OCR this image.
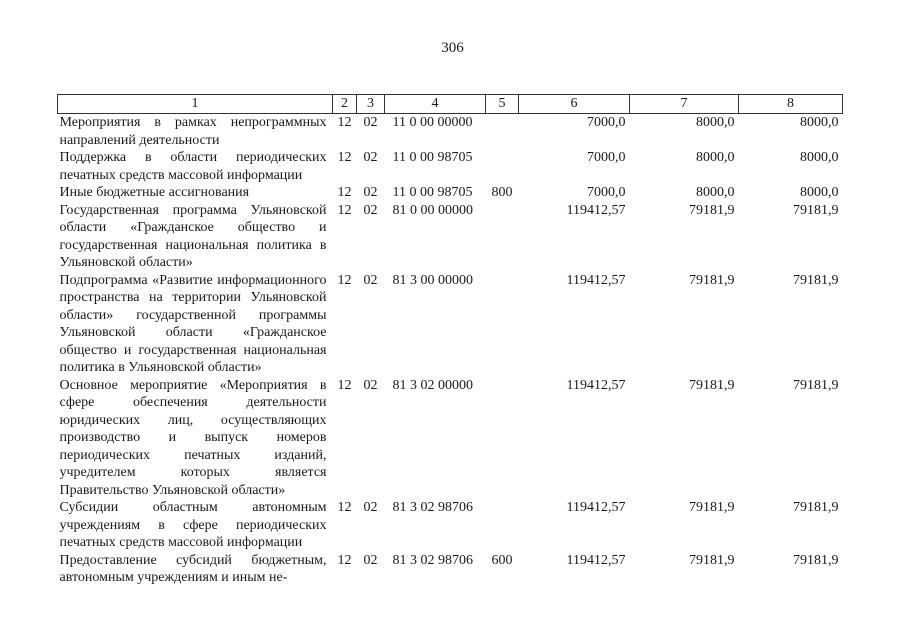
306
1	2	3	4	5	6	7	8
Мероприятия в рамках непрограммных направлений деятельности	12	02	11 0 00 00000		7000,0	8000,0	8000,0
Поддержка в области периодических печатных средств массовой информации	12	02	11 0 00 98705		7000,0	8000,0	8000,0
Иные бюджетные ассигнования	12	02	11 0 00 98705	800	7000,0	8000,0	8000,0
Государственная программа Ульяновской области «Гражданское общество и государственная национальная политика в Ульяновской области»	12	02	81 0 00 00000		119412,57	79181,9	79181,9
Подпрограмма «Развитие информационного пространства на территории Ульяновской области» государственной программы Ульяновской области «Гражданское общество и государственная национальная политика в Ульяновской области»	12	02	81 3 00 00000		119412,57	79181,9	79181,9
Основное мероприятие «Мероприятия в сфере обеспечения деятельности юридических лиц, осуществляющих производство и выпуск номеров периодических печатных изданий, учредителем которых является Правительство Ульяновской области»	12	02	81 3 02 00000		119412,57	79181,9	79181,9
Субсидии областным автономным учреждениям в сфере периодических печатных средств массовой информации	12	02	81 3 02 98706		119412,57	79181,9	79181,9
Предоставление субсидий бюджетным, автономным учреждениям и иным не-	12	02	81 3 02 98706	600	119412,57	79181,9	79181,9
